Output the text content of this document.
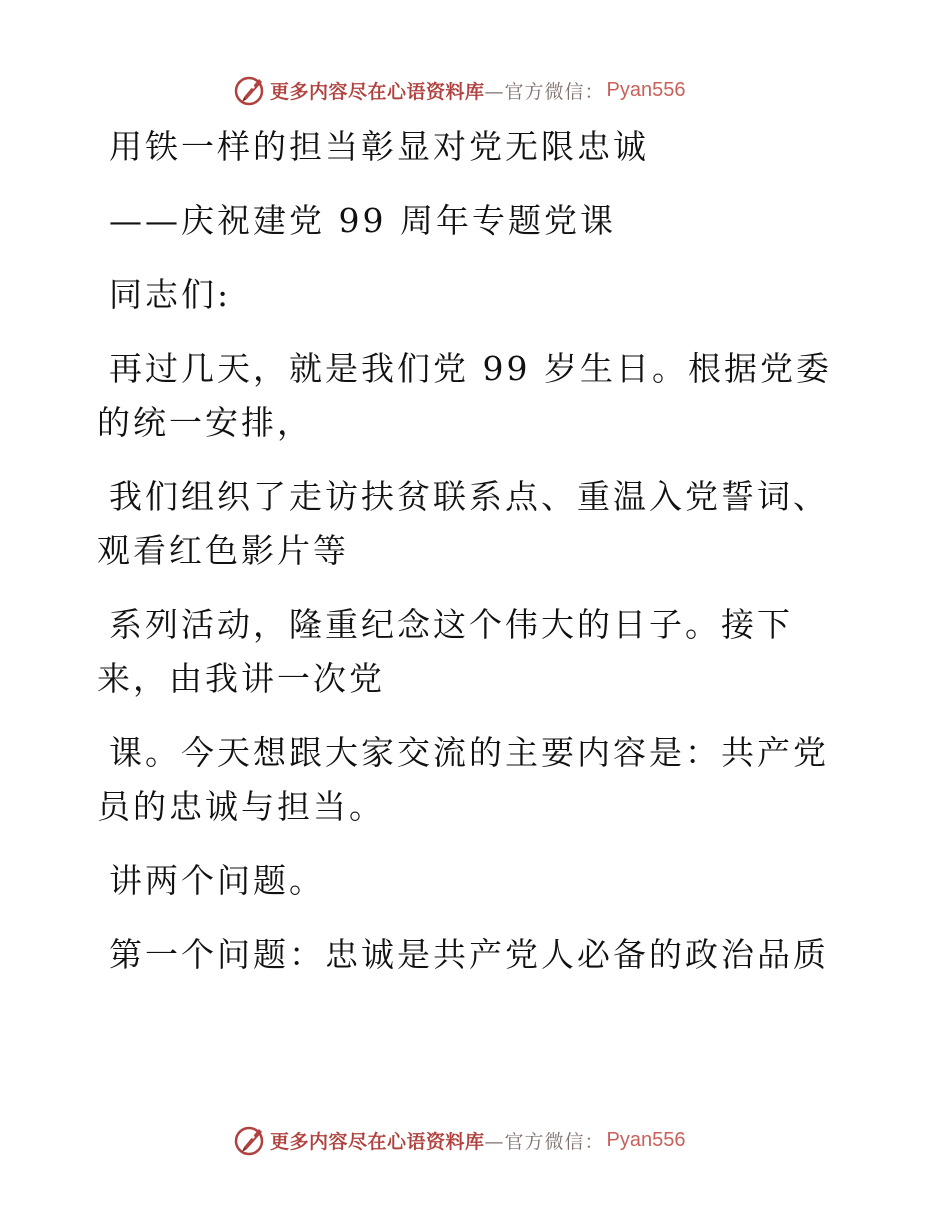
更多内容尽在心语资料库 —官方微信： Pyan556

用铁一样的担当彰显对党无限忠诚

——庆祝建党 99 周年专题党课

同志们:

再过几天，就是我们党 99 岁生日。根据党委的统一安排，

我们组织了走访扶贫联系点、重温入党誓词、观看红色影片等

系列活动，隆重纪念这个伟大的日子。接下来，由我讲一次党

课。今天想跟大家交流的主要内容是：共产党员的忠诚与担当。

讲两个问题。

第一个问题：忠诚是共产党人必备的政治品质

更多内容尽在心语资料库 —官方微信： Pyan556
